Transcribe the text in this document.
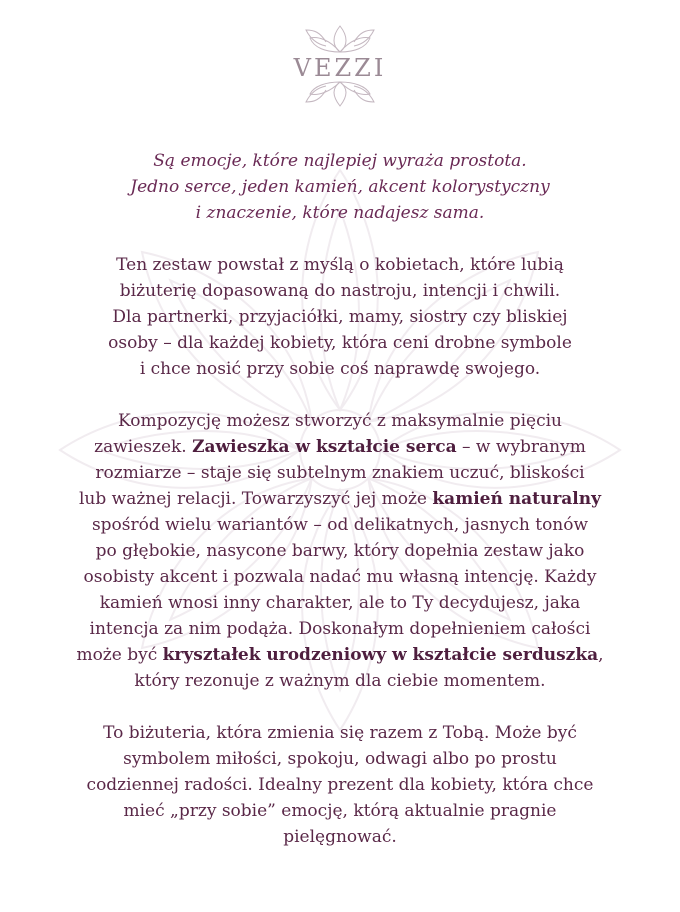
VEZZI

Są emocje, które najlepiej wyraża prostota.
Jedno serce, jeden kamień, akcent kolorystyczny
i znaczenie, które nadajesz sama.

Ten zestaw powstał z myślą o kobietach, które lubią
biżuterię dopasowaną do nastroju, intencji i chwili.
Dla partnerki, przyjaciółki, mamy, siostry czy bliskiej
osoby – dla każdej kobiety, która ceni drobne symbole
i chce nosić przy sobie coś naprawdę swojego.

Kompozycję możesz stworzyć z maksymalnie pięciu
zawieszek. Zawieszka w kształcie serca – w wybranym
rozmiarze – staje się subtelnym znakiem uczuć, bliskości
lub ważnej relacji. Towarzyszyć jej może kamień naturalny
spośród wielu wariantów – od delikatnych, jasnych tonów
po głębokie, nasycone barwy, który dopełnia zestaw jako
osobisty akcent i pozwala nadać mu własną intencję. Każdy
kamień wnosi inny charakter, ale to Ty decydujesz, jaka
intencja za nim podąża. Doskonałym dopełnieniem całości
może być kryształek urodzeniowy w kształcie serduszka,
który rezonuje z ważnym dla ciebie momentem.

To biżuteria, która zmienia się razem z Tobą. Może być
symbolem miłości, spokoju, odwagi albo po prostu
codziennej radości. Idealny prezent dla kobiety, która chce
mieć „przy sobie” emocję, którą aktualnie pragnie
pielęgnować.
